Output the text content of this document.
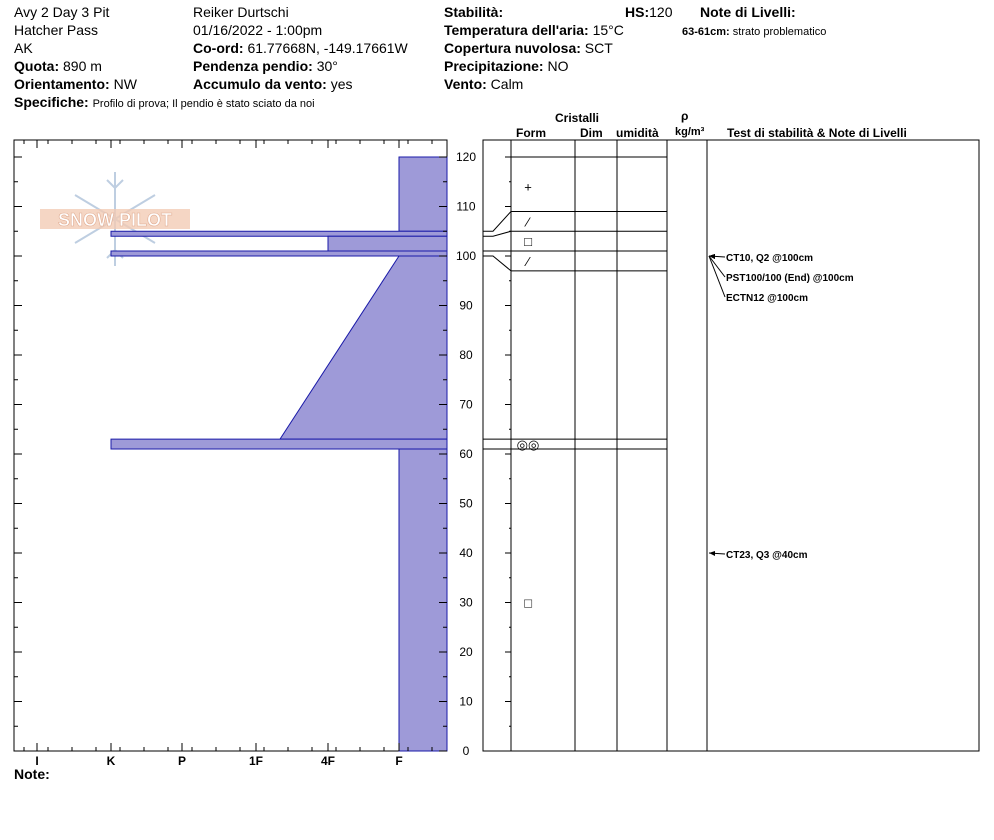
Avy 2 Day 3 Pit
Hatcher Pass
AK
Quota: 890 m
Orientamento: NW
Specifiche: Profilo di prova; Il pendio è stato sciato da noi
Reiker Durtschi
01/16/2022 - 1:00pm
Co-ord: 61.77668N, -149.17661W
Pendenza pendio: 30°
Accumulo da vento: yes
Stabilità:	HS:120
Temperatura dell'aria: 15°C
Copertura nuvolosa: SCT
Precipitazione: NO
Vento: Calm
Note di Livelli:
63-61cm: strato problematico
Cristalli
Form	Dim umidità
ρ
kg/m³ Test di stabilità & Note di Livelli
Note:
SNOW PILOT
I	K	P	1F	4F	F
0
10
20
30
40
50
60
70
80
90
100
110
120
+
⁄
□
⁄
◎◎
□
CT10, Q2 @100cm
PST100/100 (End) @100cm
ECTN12 @100cm
CT23, Q3 @40cm
